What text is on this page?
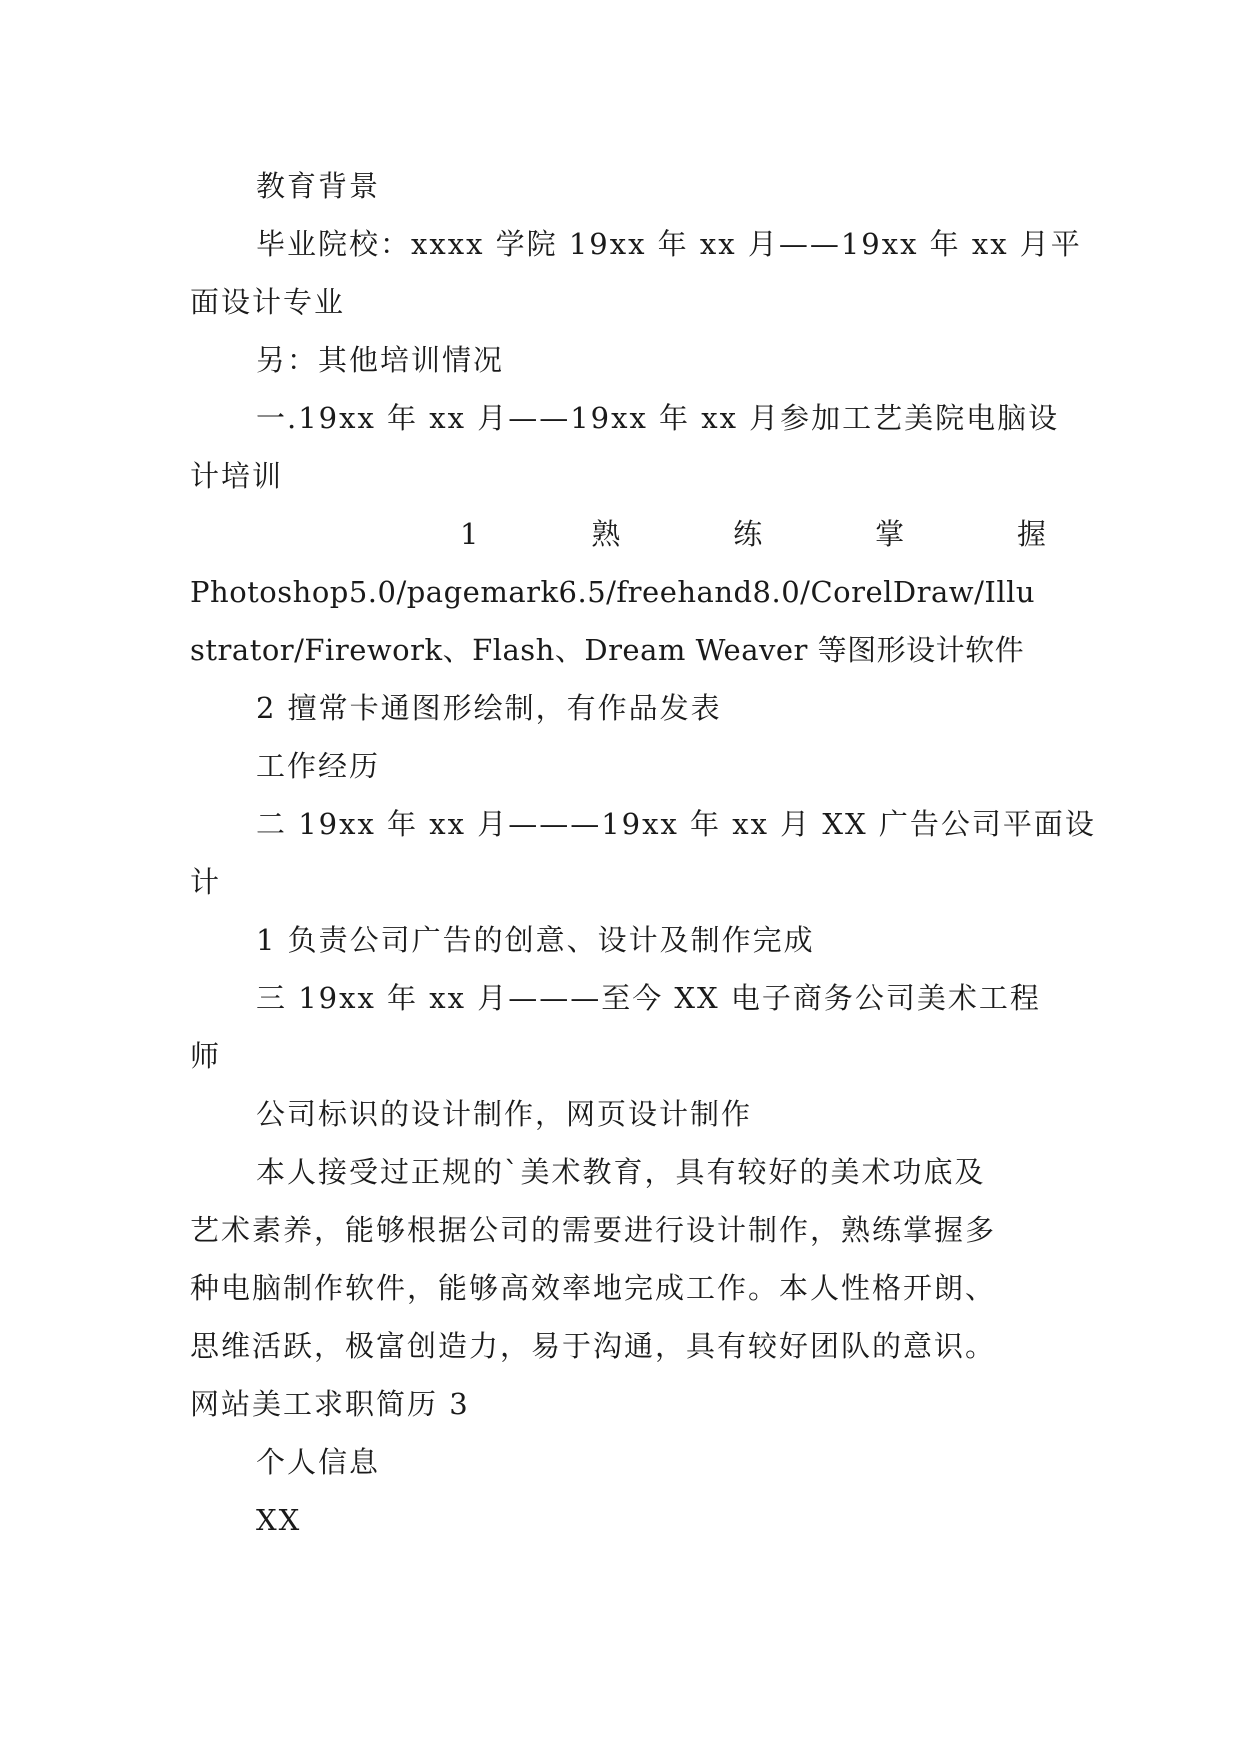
教育背景
毕业院校：xxxx 学院 19xx 年 xx 月——19xx 年 xx 月平
面设计专业
另：其他培训情况
一.19xx 年 xx 月——19xx 年 xx 月参加工艺美院电脑设
计培训
1	熟	练	掌	握
Photoshop5.0/pagemark6.5/freehand8.0/CorelDraw/Illu
strator/Firework、Flash、Dream Weaver 等图形设计软件
2 擅常卡通图形绘制，有作品发表
工作经历
二 19xx 年 xx 月———19xx 年 xx 月 XX 广告公司平面设
计
1 负责公司广告的创意、设计及制作完成
三 19xx 年 xx 月———至今 XX 电子商务公司美术工程
师
公司标识的设计制作，网页设计制作
本人接受过正规的`美术教育，具有较好的美术功底及
艺术素养，能够根据公司的需要进行设计制作，熟练掌握多
种电脑制作软件，能够高效率地完成工作。本人性格开朗、
思维活跃，极富创造力，易于沟通，具有较好团队的意识。
网站美工求职简历 3
个人信息
XX
